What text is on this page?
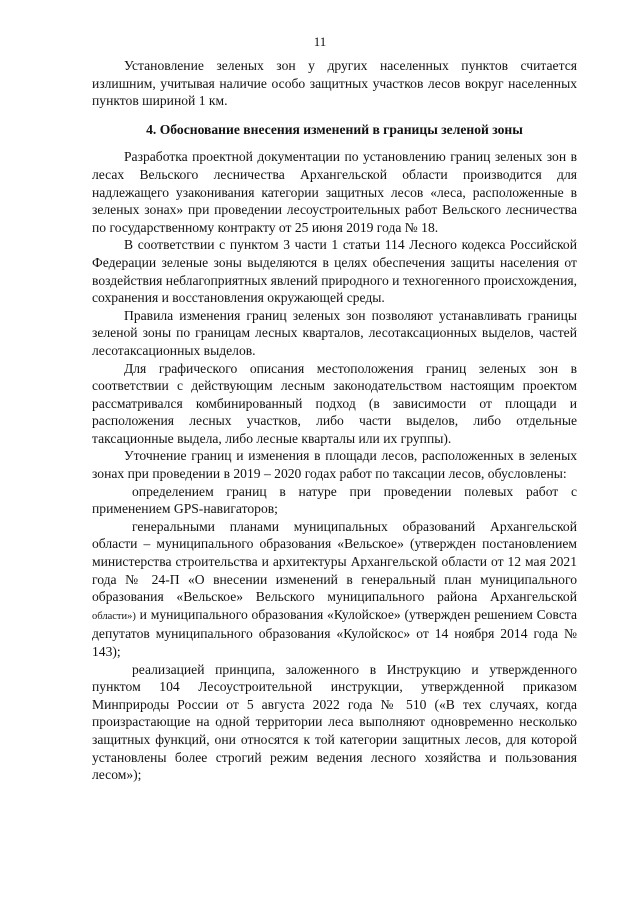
11

Установление зеленых зон у других населенных пунктов считается излишним, учитывая наличие особо защитных участков лесов вокруг населенных пунктов шириной 1 км.

4. Обоснование внесения изменений в границы зеленой зоны

Разработка проектной документации по установлению границ зеленых зон в лесах Вельского лесничества Архангельской области производится для надлежащего узаконивания категории защитных лесов «леса, расположенные в зеленых зонах» при проведении лесоустроительных работ Вельского лесничества по государственному контракту от 25 июня 2019 года № 18.

В соответствии с пунктом 3 части 1 статьи 114 Лесного кодекса Российской Федерации зеленые зоны выделяются в целях обеспечения защиты населения от воздействия неблагоприятных явлений природного и техногенного происхождения, сохранения и восстановления окружающей среды.

Правила изменения границ зеленых зон позволяют устанавливать границы зеленой зоны по границам лесных кварталов, лесотаксационных выделов, частей лесотаксационных выделов.

Для графического описания местоположения границ зеленых зон в соответствии с действующим лесным законодательством настоящим проектом рассматривался комбинированный подход (в зависимости от площади и расположения лесных участков, либо части выделов, либо отдельные таксационные выдела, либо лесные кварталы или их группы).

Уточнение границ и изменения в площади лесов, расположенных в зеленых зонах при проведении в 2019 – 2020 годах работ по таксации лесов, обусловлены:

определением границ в натуре при проведении полевых работ с применением GPS-навигаторов;

генеральными планами муниципальных образований Архангельской области – муниципального образования «Вельское» (утвержден постановлением министерства строительства и архитектуры Архангельской области от 12 мая 2021 года № 24-П «О внесении изменений в генеральный план муниципального образования «Вельское» Вельского муниципального района Архангельской области») и муниципального образования «Кулойское» (утвержден решением Совста депутатов муниципального образования «Кулойскос» от 14 ноября 2014 года № 143);

реализацией принципа, заложенного в Инструкцию и утвержденного пунктом 104 Лесоустроительной инструкции, утвержденной приказом Минприроды России от 5 августа 2022 года № 510 («В тех случаях, когда произрастающие на одной территории леса выполняют одновременно несколько защитных функций, они относятся к той категории защитных лесов, для которой установлены более строгий режим ведения лесного хозяйства и пользования лесом»);
